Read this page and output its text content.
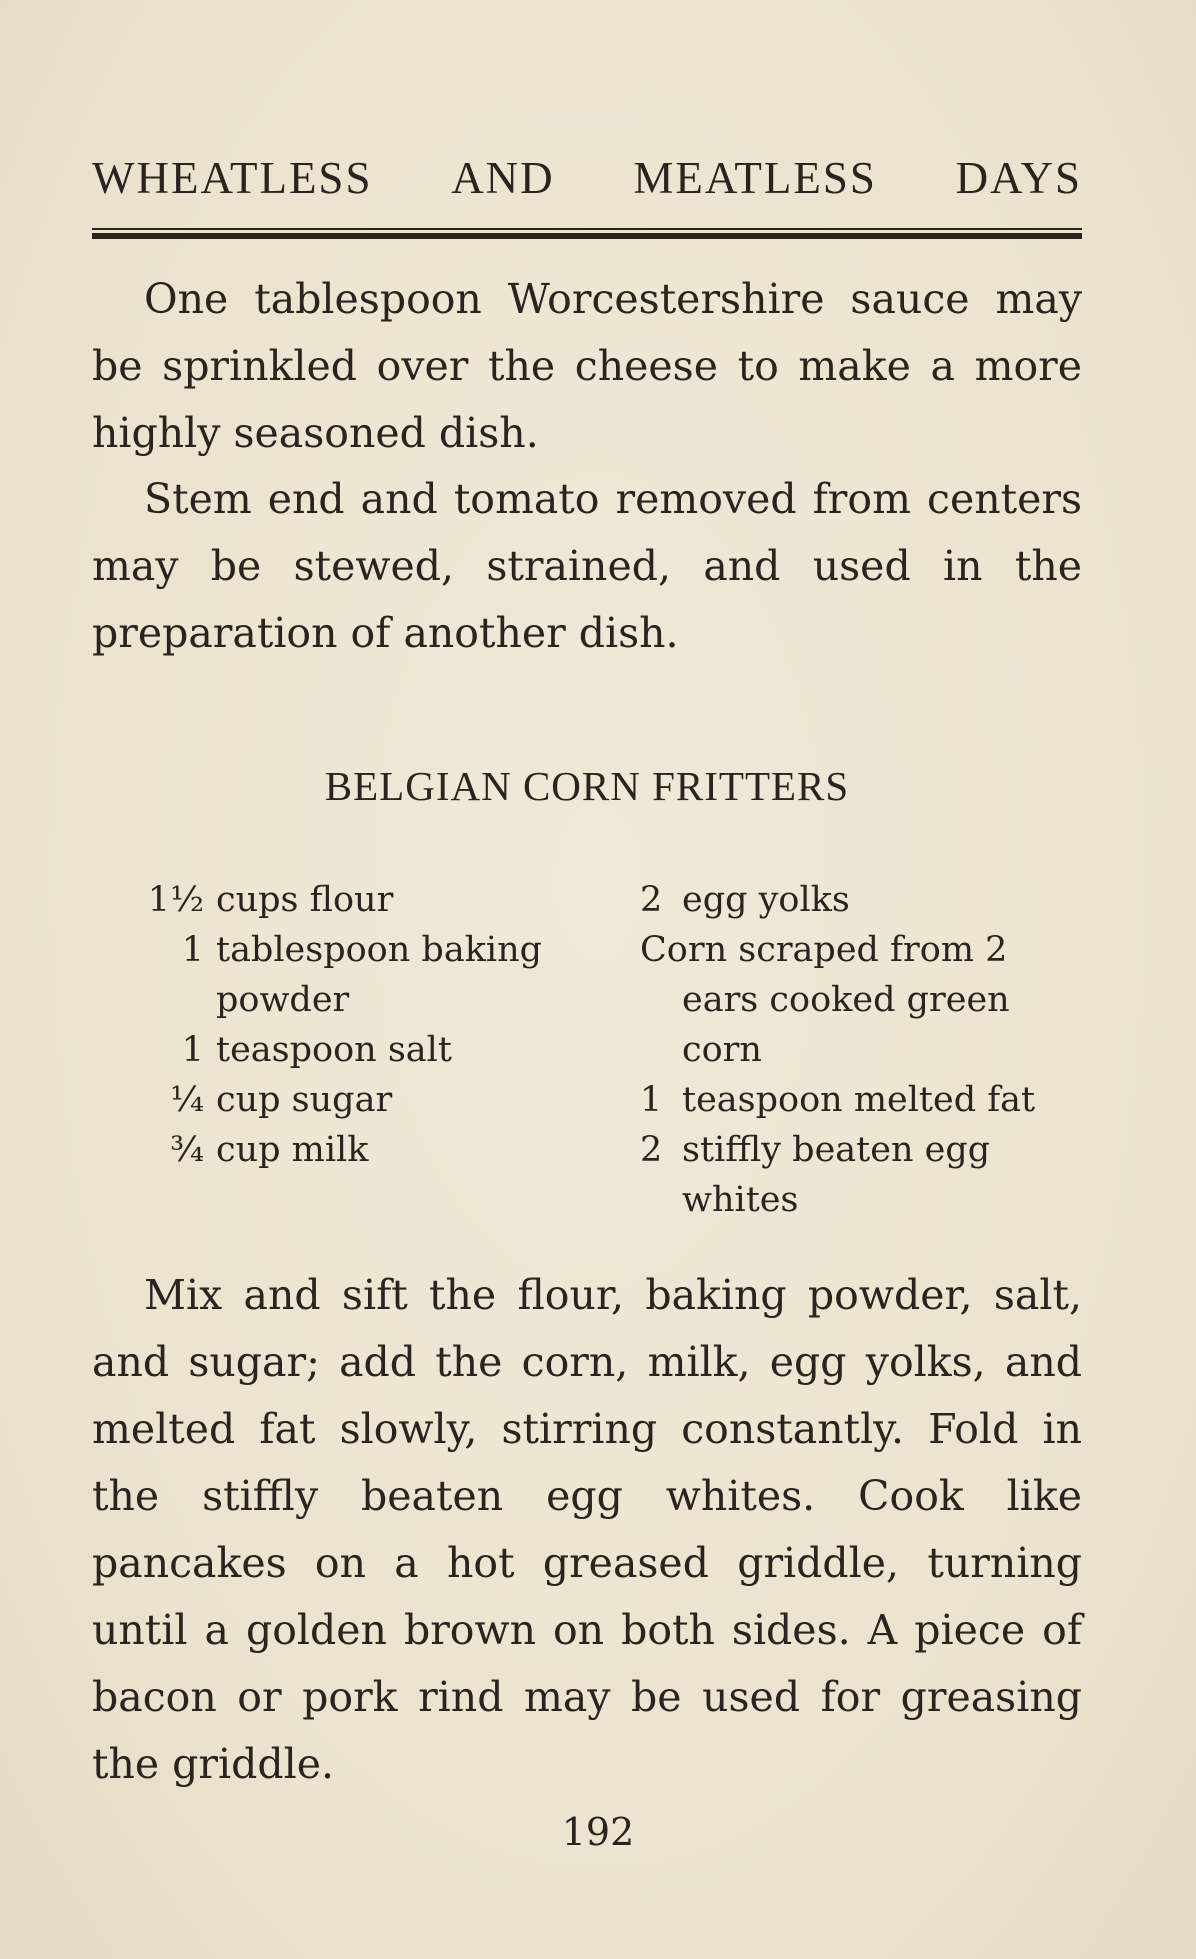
WHEATLESS AND MEATLESS DAYS

One tablespoon Worcestershire sauce may be sprinkled over the cheese to make a more highly seasoned dish.

Stem end and tomato removed from centers may be stewed, strained, and used in the preparation of another dish.

BELGIAN CORN FRITTERS
1½ cups flour
1 tablespoon baking powder
1 teaspoon salt
¼ cup sugar
¾ cup milk
2 egg yolks
Corn scraped from 2 ears cooked green corn
1 teaspoon melted fat
2 stiffly beaten egg whites

Mix and sift the flour, baking powder, salt, and sugar; add the corn, milk, egg yolks, and melted fat slowly, stirring constantly. Fold in the stiffly beaten egg whites. Cook like pancakes on a hot greased griddle, turning until a golden brown on both sides. A piece of bacon or pork rind may be used for greasing the griddle.

192
